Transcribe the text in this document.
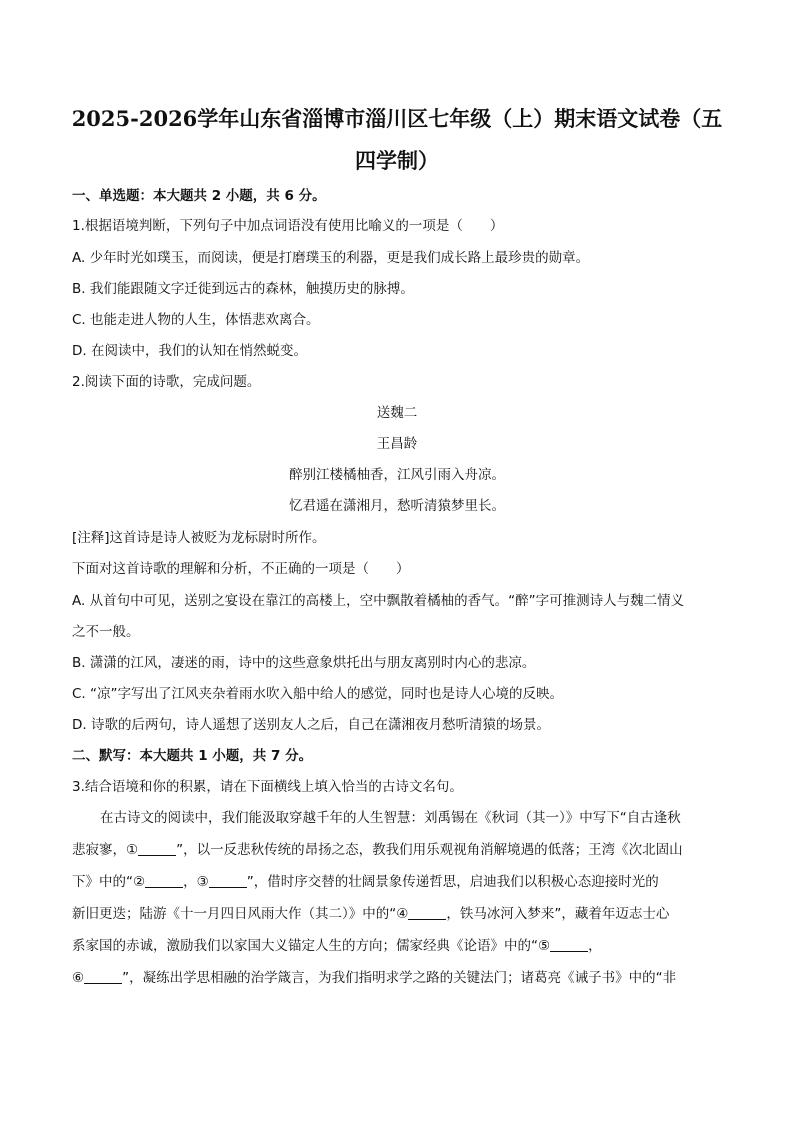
2025-2026学年山东省淄博市淄川区七年级（上）期末语文试卷（五
四学制）
一、单选题：本大题共 2 小题，共 6 分。
1.根据语境判断，下列句子中加点词语没有使用比喻义的一项是（　　）
A. 少年时光如璞玉，而阅读，便是打磨璞玉的利器，更是我们成长路上最珍贵的勋章。
B. 我们能跟随文字迁徙到远古的森林，触摸历史的脉搏。
C. 也能走进人物的人生，体悟悲欢离合。
D. 在阅读中，我们的认知在悄然蜕变。
2.阅读下面的诗歌，完成问题。
送魏二
王昌龄
醉别江楼橘柚香，江风引雨入舟凉。
忆君遥在潇湘月，愁听清猿梦里长。
[注释]这首诗是诗人被贬为龙标尉时所作。
下面对这首诗歌的理解和分析，不正确的一项是（　　）
A. 从首句中可见，送别之宴设在靠江的高楼上，空中飘散着橘柚的香气。“醉”字可推测诗人与魏二情义
之不一般。
B. 潇潇的江风，凄迷的雨，诗中的这些意象烘托出与朋友离别时内心的悲凉。
C. “凉”字写出了江风夹杂着雨水吹入船中给人的感觉，同时也是诗人心境的反映。
D. 诗歌的后两句，诗人遥想了送别友人之后，自己在潇湘夜月愁听清猿的场景。
二、默写：本大题共 1 小题，共 7 分。
3.结合语境和你的积累，请在下面横线上填入恰当的古诗文名句。
在古诗文的阅读中，我们能汲取穿越千年的人生智慧：刘禹锡在《秋词（其一）》中写下“自古逢秋
悲寂寥，①	”，以一反悲秋传统的昂扬之态，教我们用乐观视角消解境遇的低落；王湾《次北固山
下》中的“②	，③	”，借时序交替的壮阔景象传递哲思，启迪我们以积极心态迎接时光的
新旧更迭；陆游《十一月四日风雨大作（其二）》中的“④	，铁马冰河入梦来”，藏着年迈志士心
系家国的赤诚，激励我们以家国大义锚定人生的方向；儒家经典《论语》中的“⑤	，
⑥	”，凝练出学思相融的治学箴言，为我们指明求学之路的关键法门；诸葛亮《诫子书》中的“非
